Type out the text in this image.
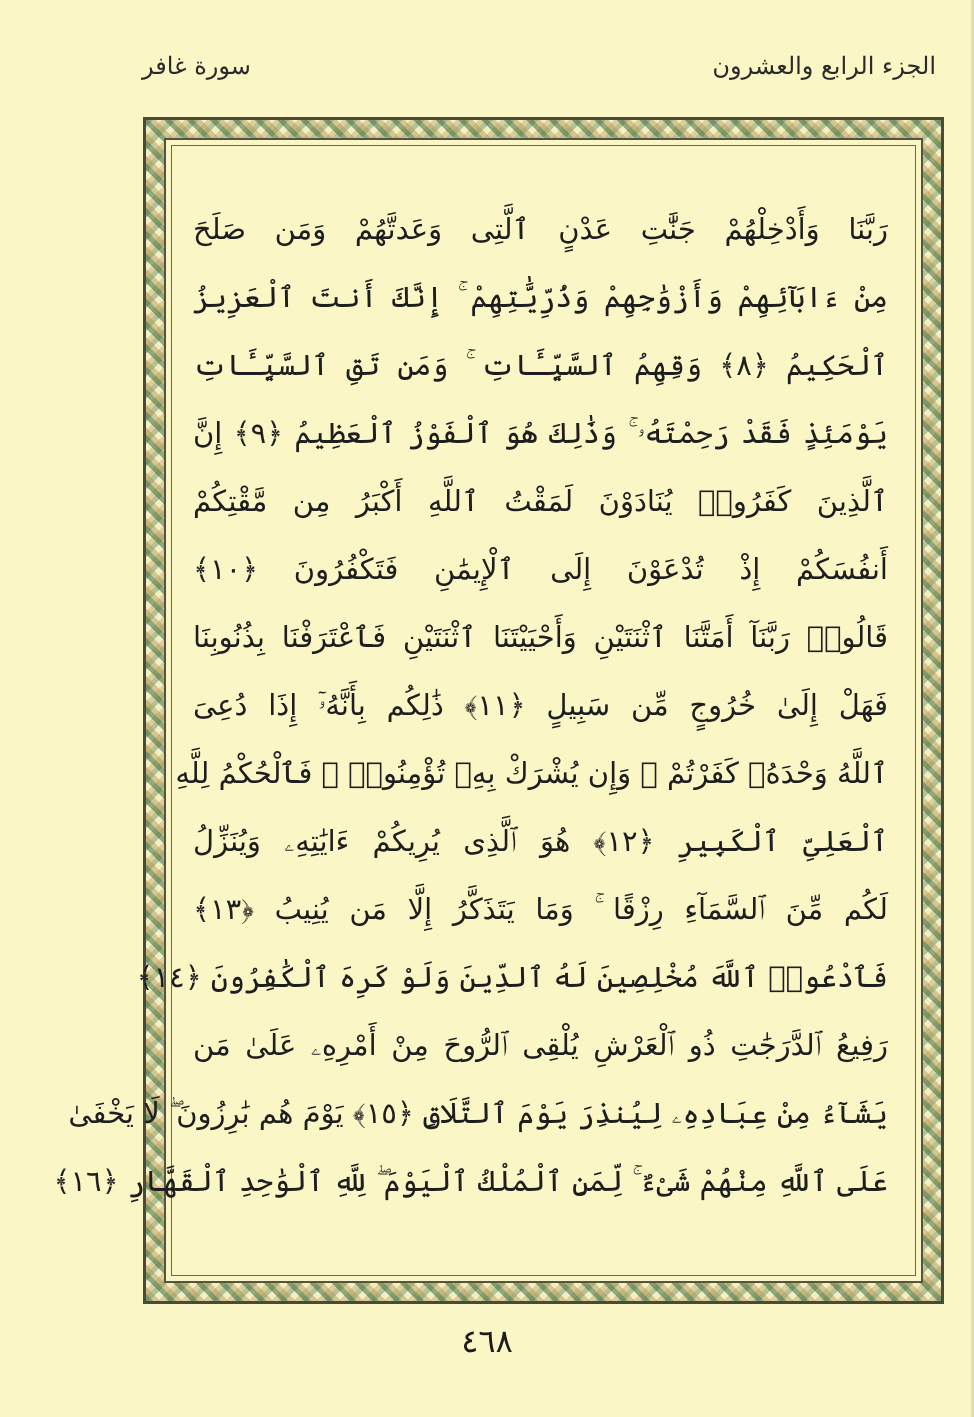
الجزء الرابع والعشرون
سورة غافر
رَبَّنَا وَأَدْخِلْهُمْ جَنَّٰتِ عَدْنٍ ٱلَّتِى وَعَدتَّهُمْ وَمَن صَلَحَ
مِنْ ءَابَآئِهِمْ وَأَزْوَٰجِهِمْ وَذُرِّيَّٰتِهِمْ ۚ إِنَّكَ أَنتَ ٱلْعَزِيزُ
ٱلْحَكِيمُ ﴿٨﴾ وَقِهِمُ ٱلسَّيِّـَٔاتِ ۚ وَمَن تَقِ ٱلسَّيِّـَٔاتِ
يَوْمَئِذٍ فَقَدْ رَحِمْتَهُۥ ۚ وَذَٰلِكَ هُوَ ٱلْفَوْزُ ٱلْعَظِيمُ ﴿٩﴾ إِنَّ
ٱلَّذِينَ كَفَرُوا۟ يُنَادَوْنَ لَمَقْتُ ٱللَّهِ أَكْبَرُ مِن مَّقْتِكُمْ
أَنفُسَكُمْ إِذْ تُدْعَوْنَ إِلَى ٱلْإِيمَٰنِ فَتَكْفُرُونَ ﴿١٠﴾
قَالُوا۟ رَبَّنَآ أَمَتَّنَا ٱثْنَتَيْنِ وَأَحْيَيْتَنَا ٱثْنَتَيْنِ فَٱعْتَرَفْنَا بِذُنُوبِنَا
فَهَلْ إِلَىٰ خُرُوجٍ مِّن سَبِيلٍ ﴿١١﴾ ذَٰلِكُم بِأَنَّهُۥٓ إِذَا دُعِىَ
ٱللَّهُ وَحْدَهُۥ كَفَرْتُمْ ۖ وَإِن يُشْرَكْ بِهِۦ تُؤْمِنُوا۟ ۚ فَٱلْحُكْمُ لِلَّهِ
ٱلْعَلِىِّ ٱلْكَبِيرِ ﴿١٢﴾ هُوَ ٱلَّذِى يُرِيكُمْ ءَايَٰتِهِۦ وَيُنَزِّلُ
لَكُم مِّنَ ٱلسَّمَآءِ رِزْقًا ۚ وَمَا يَتَذَكَّرُ إِلَّا مَن يُنِيبُ ﴿١٣﴾
فَٱدْعُوا۟ ٱللَّهَ مُخْلِصِينَ لَهُ ٱلدِّينَ وَلَوْ كَرِهَ ٱلْكَٰفِرُونَ ﴿١٤﴾
رَفِيعُ ٱلدَّرَجَٰتِ ذُو ٱلْعَرْشِ يُلْقِى ٱلرُّوحَ مِنْ أَمْرِهِۦ عَلَىٰ مَن
يَشَآءُ مِنْ عِبَادِهِۦ لِيُنذِرَ يَوْمَ ٱلتَّلَاقِ ﴿١٥﴾ يَوْمَ هُم بَٰرِزُونَ ۖ لَا يَخْفَىٰ
عَلَى ٱللَّهِ مِنْهُمْ شَىْءٌ ۚ لِّمَنِ ٱلْمُلْكُ ٱلْيَوْمَ ۖ لِلَّهِ ٱلْوَٰحِدِ ٱلْقَهَّارِ ﴿١٦﴾
٤٦٨
